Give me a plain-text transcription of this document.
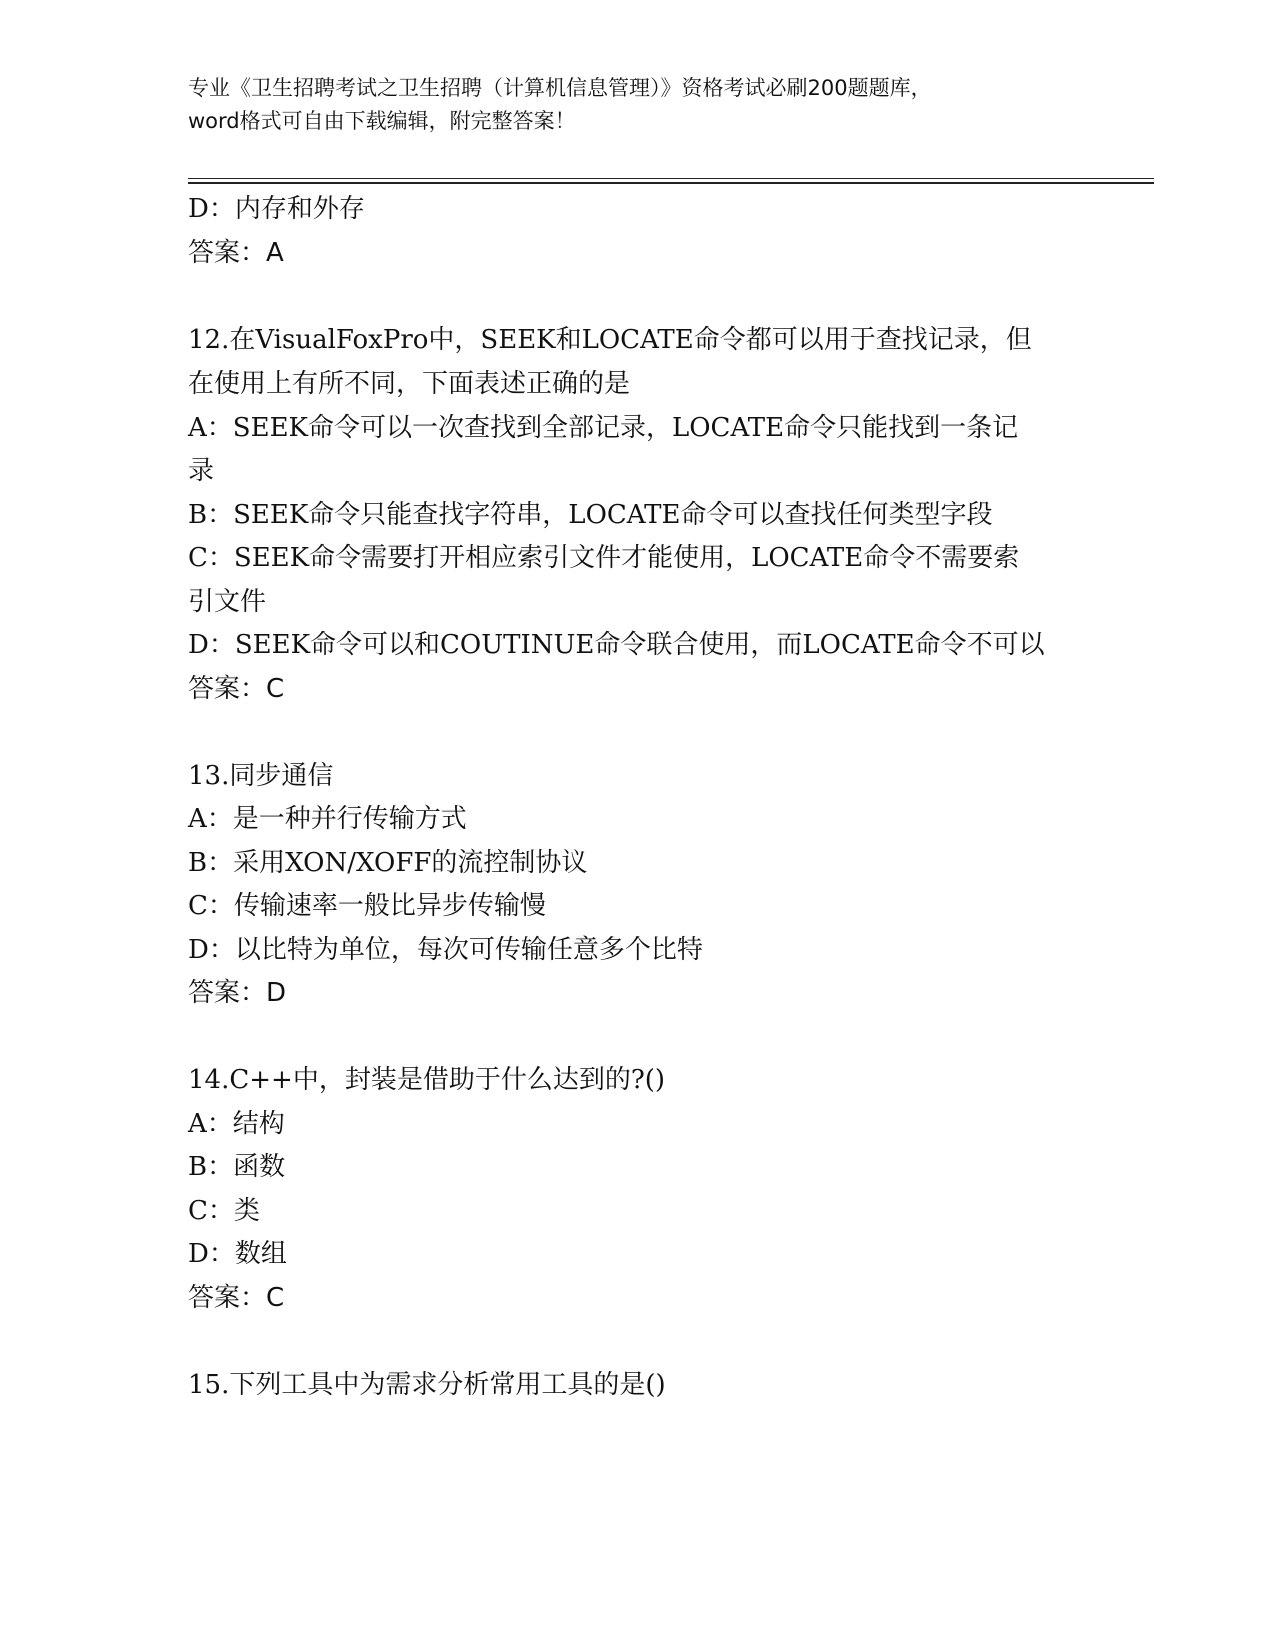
专业《卫生招聘考试之卫生招聘（计算机信息管理）》资格考试必刷200题题库，
word格式可自由下载编辑，附完整答案！
D：内存和外存
答案：A
12.在VisualFoxPro中，SEEK和LOCATE命令都可以用于查找记录，但
在使用上有所不同，下面表述正确的是
A：SEEK命令可以一次查找到全部记录，LOCATE命令只能找到一条记
录
B：SEEK命令只能查找字符串，LOCATE命令可以查找任何类型字段
C：SEEK命令需要打开相应索引文件才能使用，LOCATE命令不需要索
引文件
D：SEEK命令可以和COUTINUE命令联合使用，而LOCATE命令不可以
答案：C
13.同步通信
A：是一种并行传输方式
B：采用XON/XOFF的流控制协议
C：传输速率一般比异步传输慢
D：以比特为单位，每次可传输任意多个比特
答案：D
14.C++中，封装是借助于什么达到的?()
A：结构
B：函数
C：类
D：数组
答案：C
15.下列工具中为需求分析常用工具的是()
